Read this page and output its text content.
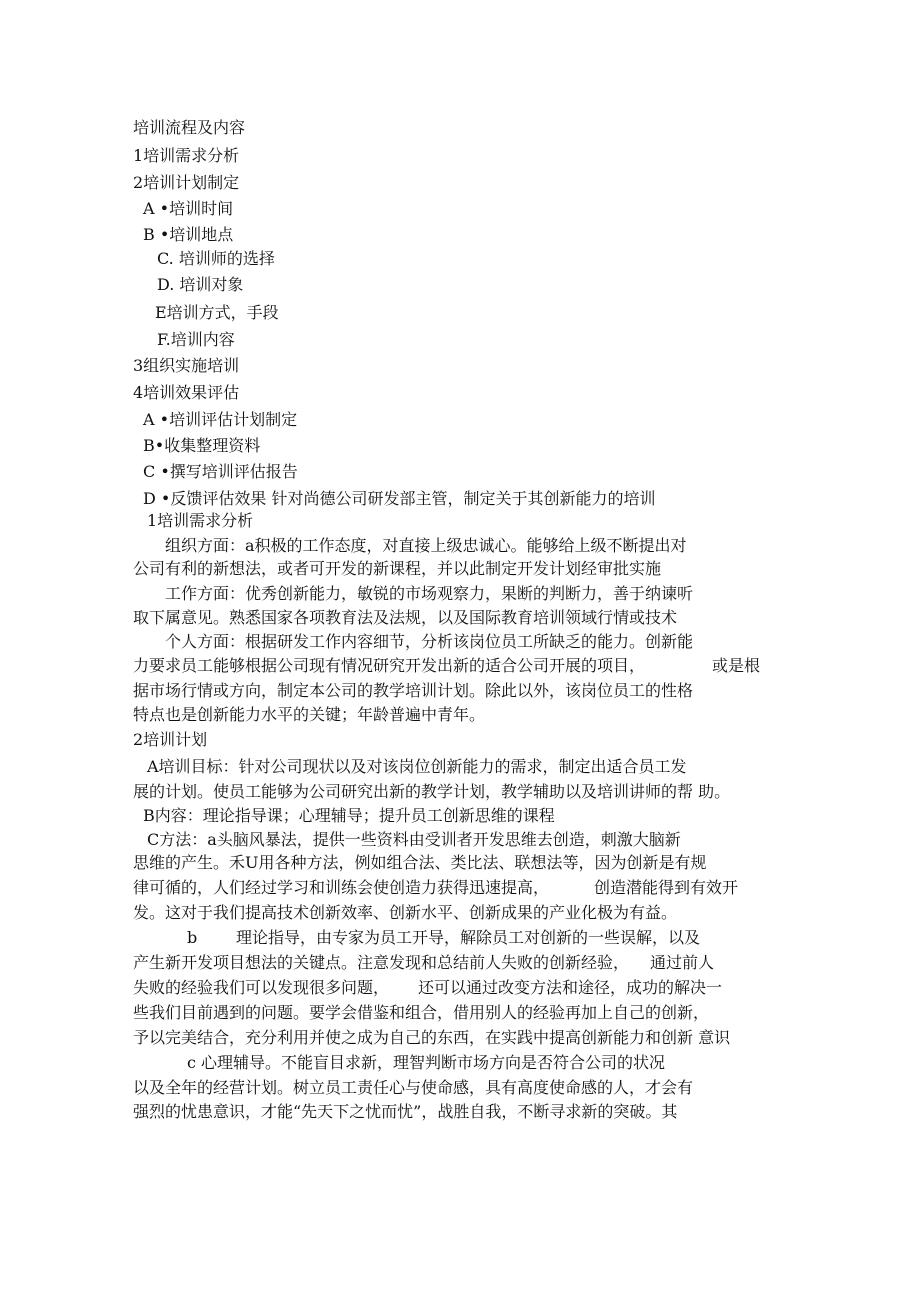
培训流程及内容
1培训需求分析
2培训计划制定
A •培训时间
B •培训地点
C. 培训师的选择
D. 培训对象
E培训方式，手段
F.培训内容
3组织实施培训
4培训效果评估
A •培训评估计划制定
B•收集整理资料
C •撰写培训评估报告
D •反馈评估效果 针对尚德公司研发部主管，制定关于其创新能力的培训
1培训需求分析
组织方面：a积极的工作态度，对直接上级忠诚心。能够给上级不断提出对
公司有利的新想法，或者可开发的新课程，并以此制定开发计划经审批实施
工作方面：优秀创新能力，敏锐的市场观察力，果断的判断力，善于纳谏听
取下属意见。熟悉国家各项教育法及法规，以及国际教育培训领域行情或技术
个人方面：根据研发工作内容细节，分析该岗位员工所缺乏的能力。创新能
力要求员工能够根据公司现有情况研究开发出新的适合公司开展的项目，	或是根
据市场行情或方向，制定本公司的教学培训计划。除此以外，该岗位员工的性格
特点也是创新能力水平的关键；年龄普遍中青年。
2培训计划
A培训目标：针对公司现状以及对该岗位创新能力的需求，制定出适合员工发
展的计划。使员工能够为公司研究出新的教学计划，教学辅助以及培训讲师的帮 助。
B内容：理论指导课；心理辅导；提升员工创新思维的课程
C方法：a头脑风暴法，提供一些资料由受训者开发思维去创造，刺激大脑新
思维的产生。禾U用各种方法，例如组合法、类比法、联想法等，因为创新是有规
律可循的，人们经过学习和训练会使创造力获得迅速提高，	创造潜能得到有效开
发。这对于我们提高技术创新效率、创新水平、创新成果的产业化极为有益。
b 理论指导，由专家为员工开导，解除员工对创新的一些误解，以及
产生新开发项目想法的关键点。注意发现和总结前人失败的创新经验， 通过前人
失败的经验我们可以发现很多问题， 还可以通过改变方法和途径，成功的解决一
些我们目前遇到的问题。要学会借鉴和组合，借用别人的经验再加上自己的创新，
予以完美结合，充分利用并使之成为自己的东西，在实践中提高创新能力和创新 意识
c 心理辅导。不能盲目求新，理智判断市场方向是否符合公司的状况
以及全年的经营计划。树立员工责任心与使命感，具有高度使命感的人，才会有
强烈的忧患意识，才能“先天下之忧而忧”，战胜自我，不断寻求新的突破。其
